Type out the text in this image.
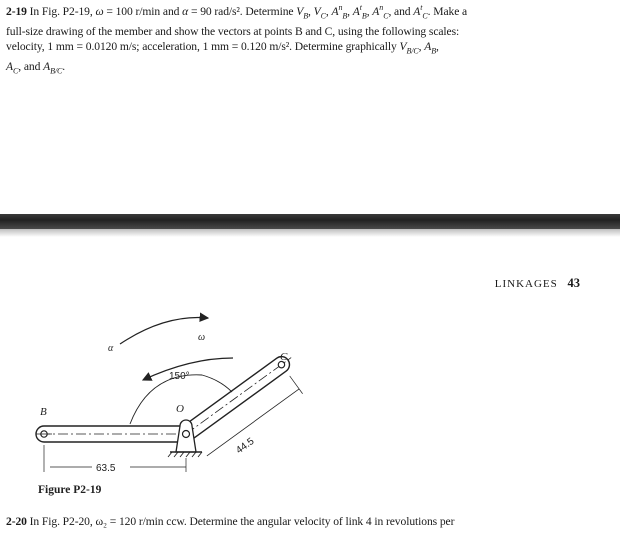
2-19 In Fig. P2-19, ω = 100 r/min and α = 90 rad/s². Determine $V_B$, $V_C$, $A^n_B$, $A^t_B$, $A^n_C$, and $A^t_C$. Make a
full-size drawing of the member and show the vectors at points B and C, using the following scales:
velocity, 1 mm = 0.0120 m/s; acceleration, 1 mm = 0.120 m/s². Determine graphically $V_{B/C}$, $A_B$,
$A_C$, and $A_{B/C}$.
LINKAGES 43
ω
α
150°
O
B
C
63.5
44.5
Figure P2-19
2-20 In Fig. P2-20, ω₂ = 120 r/min ccw. Determine the angular velocity of link 4 in revolutions per
